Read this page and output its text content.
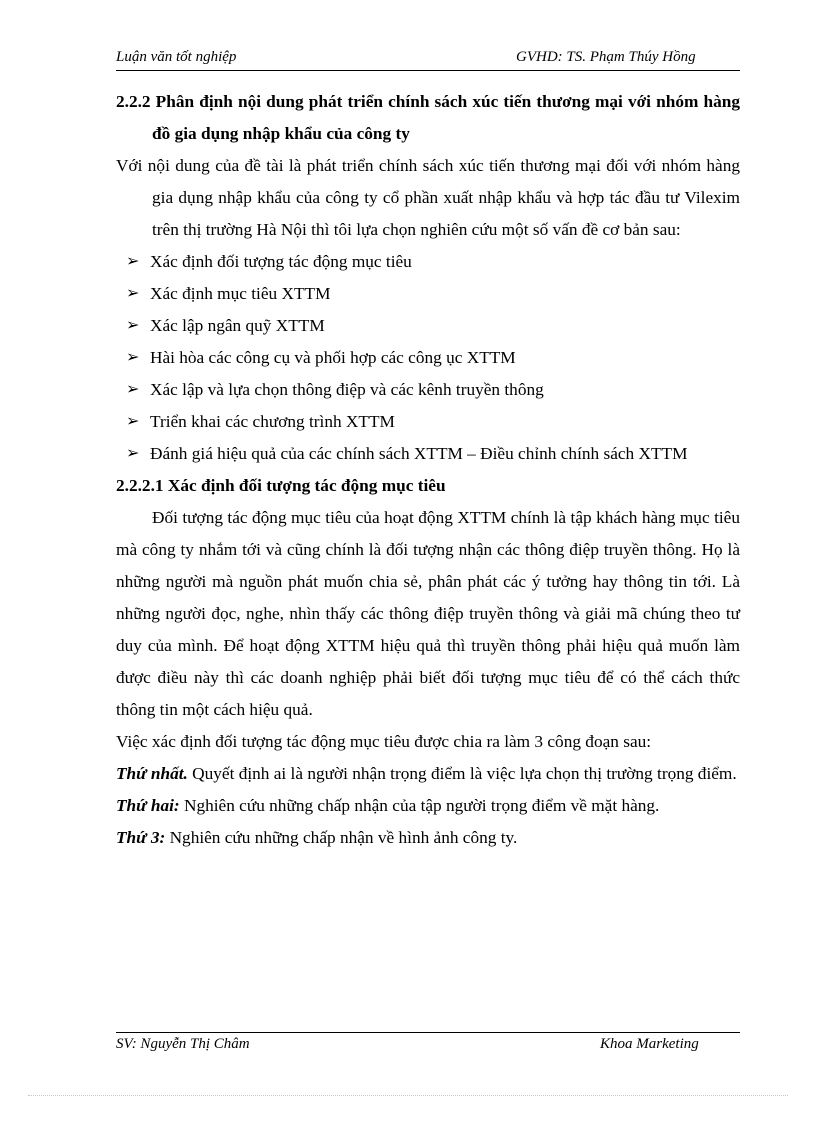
Luận văn tốt nghiệp	GVHD: TS. Phạm Thúy Hồng

2.2.2 Phân định nội dung phát triển chính sách xúc tiến thương mại với nhóm hàng đồ gia dụng nhập khẩu của công ty

Với nội dung của đề tài là phát triển chính sách xúc tiến thương mại đối với nhóm hàng gia dụng nhập khẩu của công ty cổ phần xuất nhập khẩu và hợp tác đầu tư Vilexim trên thị trường Hà Nội thì tôi lựa chọn nghiên cứu một số vấn đề cơ bản sau:

➢ Xác định đối tượng tác động mục tiêu
➢ Xác định mục tiêu XTTM
➢ Xác lập ngân quỹ XTTM
➢ Hài hòa các công cụ và phối hợp các công ục XTTM
➢ Xác lập và lựa chọn thông điệp và các kênh truyền thông
➢ Triển khai các chương trình XTTM
➢ Đánh giá hiệu quả của các chính sách XTTM – Điều chỉnh chính sách XTTM

2.2.2.1 Xác định đối tượng tác động mục tiêu

Đối tượng tác động mục tiêu của hoạt động XTTM chính là tập khách hàng mục tiêu mà công ty nhắm tới và cũng chính là đối tượng nhận các thông điệp truyền thông. Họ là những người mà nguồn phát muốn chia sẻ, phân phát các ý tưởng hay thông tin tới. Là những người đọc, nghe, nhìn thấy các thông điệp truyền thông và giải mã chúng theo tư duy của mình. Để hoạt động XTTM hiệu quả thì truyền thông phải hiệu quả muốn làm được điều này thì các doanh nghiệp phải biết đối tượng mục tiêu để có thể cách thức thông tin một cách hiệu quả.

Việc xác định đối tượng tác động mục tiêu được chia ra làm 3 công đoạn sau:

Thứ nhất. Quyết định ai là người nhận trọng điểm là việc lựa chọn thị trường trọng điểm.

Thứ hai: Nghiên cứu những chấp nhận của tập người trọng điểm về mặt hàng.

Thứ 3: Nghiên cứu những chấp nhận về hình ảnh công ty.

SV: Nguyễn Thị Châm	Khoa Marketing
